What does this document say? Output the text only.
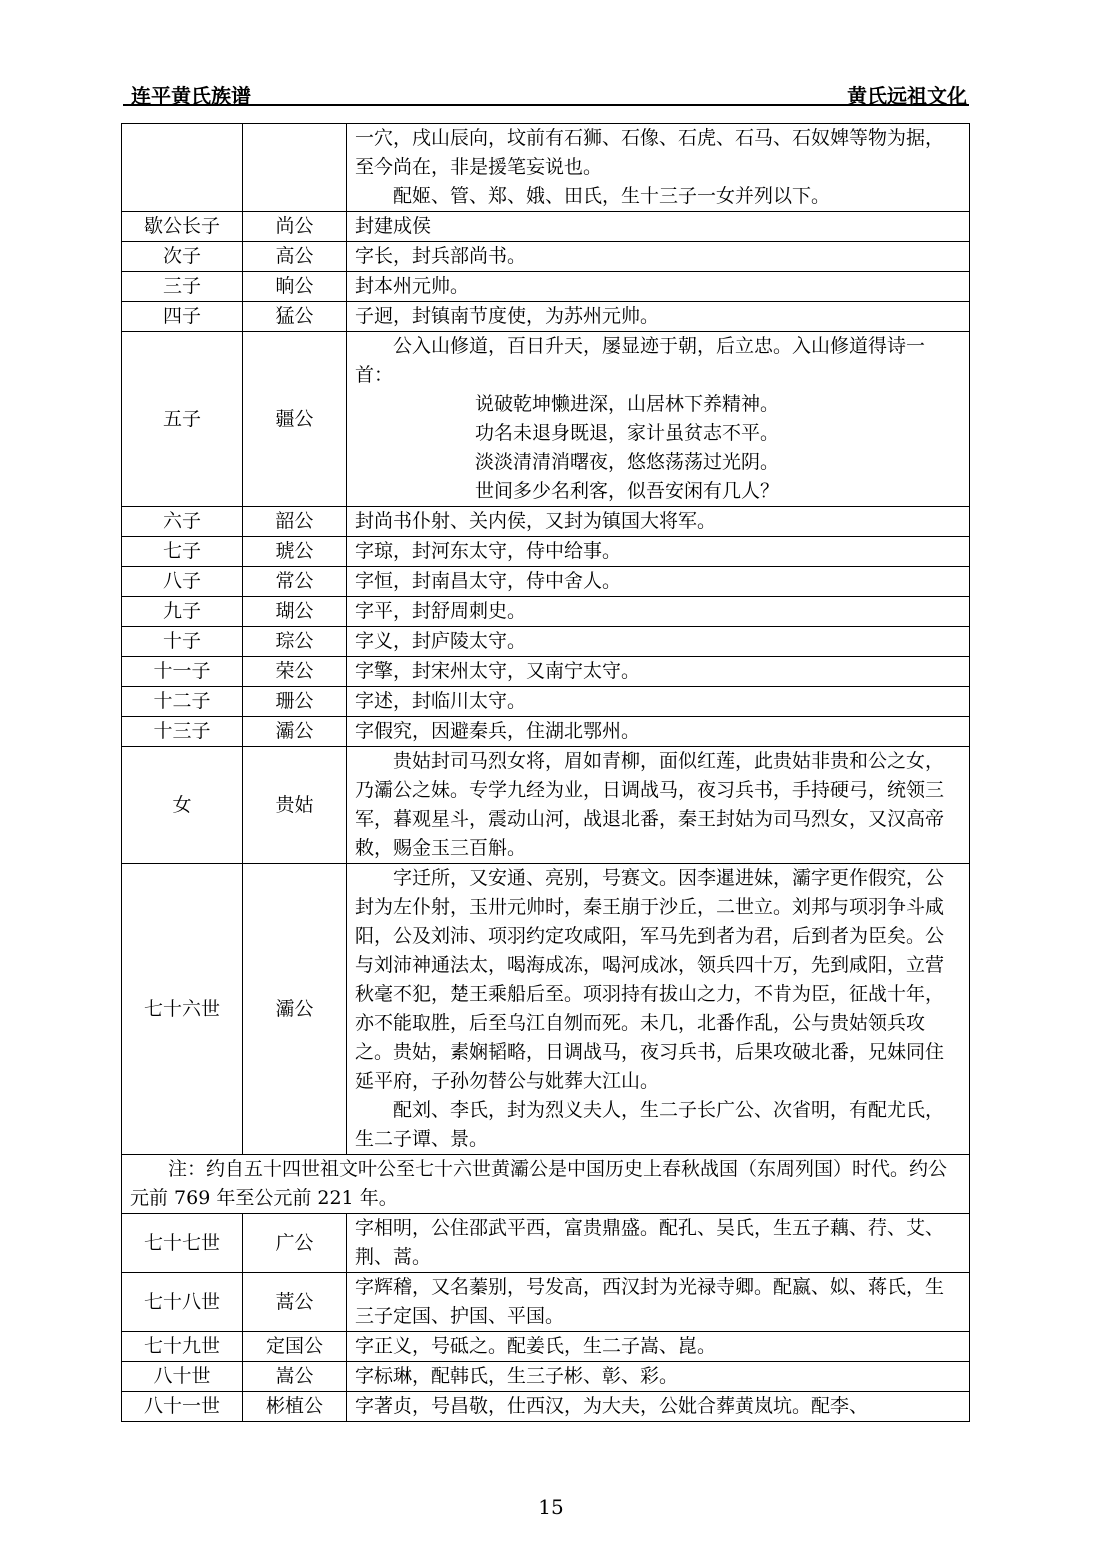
连平黄氏族谱	黄氏远祖文化

		一穴，戌山辰向，坟前有石狮、石像、石虎、石马、石奴婢等物为据，至今尚在，非是援笔妄说也。
配姬、管、郑、娥、田氏，生十三子一女并列以下。

歇公长子	尚公	封建成侯
次子	高公	字长，封兵部尚书。
三子	晌公	封本州元帅。
四子	猛公	子迥，封镇南节度使，为苏州元帅。
五子	疆公	公入山修道，百日升天，屡显迹于朝，后立忠。入山修道得诗一首：
说破乾坤懒进深，山居林下养精神。
功名未退身既退，家计虽贫志不平。
淡淡清清消曙夜，悠悠荡荡过光阴。
世间多少名利客，似吾安闲有几人？

六子	韶公	封尚书仆射、关内侯，又封为镇国大将军。
七子	琥公	字琼，封河东太守，侍中给事。
八子	常公	字恒，封南昌太守，侍中舍人。
九子	瑚公	字平，封舒周刺史。
十子	琮公	字义，封庐陵太守。
十一子	荣公	字擎，封宋州太守，又南宁太守。
十二子	珊公	字述，封临川太守。
十三子	灞公	字假究，因避秦兵，住湖北鄂州。
女	贵姑	贵姑封司马烈女将，眉如青柳，面似红莲，此贵姑非贵和公之女，乃灞公之妹。专学九经为业，日调战马，夜习兵书，手持硬弓，统领三军，暮观星斗，震动山河，战退北番，秦王封姑为司马烈女，又汉高帝敕，赐金玉三百斛。

七十六世	灞公	字迁所，又安通、亮别，号赛文。因李暹进妹，灞字更作假究，公封为左仆射，玉卅元帅时，秦王崩于沙丘，二世立。刘邦与项羽争斗咸阳，公及刘沛、项羽约定攻咸阳，军马先到者为君，后到者为臣矣。公与刘沛神通法太，喝海成冻，喝河成冰，领兵四十万，先到咸阳，立营秋毫不犯，楚王乘船后至。项羽持有拔山之力，不肯为臣，征战十年，亦不能取胜，后至乌江自刎而死。未几，北番作乱，公与贵姑领兵攻之。贵姑，素娴韬略，日调战马，夜习兵书，后果攻破北番，兄妹同住延平府，子孙勿替公与妣葬大江山。
配刘、李氏，封为烈义夫人，生二子长广公、次省明，有配尤氏，生二子谭、景。

注：约自五十四世祖文叶公至七十六世黄灞公是中国历史上春秋战国（东周列国）时代。约公元前 769 年至公元前 221 年。		

七十七世	广公	字相明，公住邵武平西，富贵鼎盛。配孔、吴氏，生五子藕、荇、艾、荆、蒿。
七十八世	蒿公	字辉稽，又名蓁别，号发高，西汉封为光禄寺卿。配嬴、姒、蒋氏，生三子定国、护国、平国。
七十九世	定国公	字正义，号砥之。配姜氏，生二子嵩、崑。
八十世	嵩公	字标琳，配韩氏，生三子彬、彰、彩。
八十一世	彬植公	字著贞，号昌敬，仕西汉，为大夫，公妣合葬黄岚坑。配李、
15
